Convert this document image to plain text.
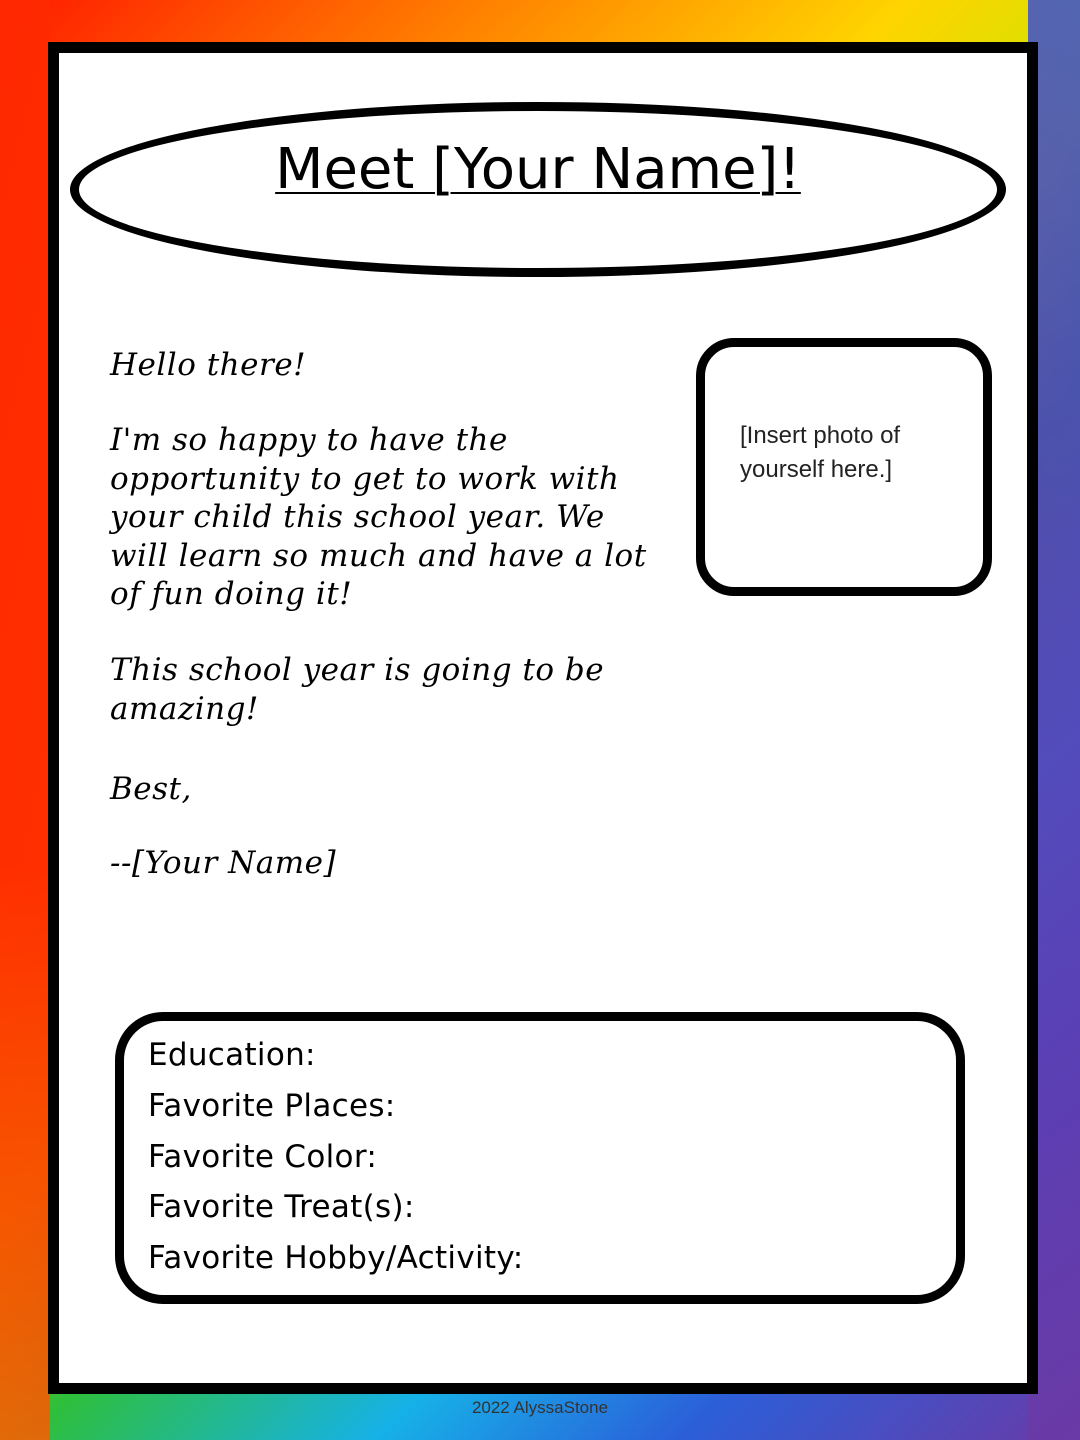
Meet [Your Name]!

Hello there!

I'm so happy to have the opportunity to get to work with your child this school year. We will learn so much and have a lot of fun doing it!

This school year is going to be amazing!

Best,

--[Your Name]

[Insert photo of yourself here.]

Education:
Favorite Places:
Favorite Color:
Favorite Treat(s):
Favorite Hobby/Activity:
2022 AlyssaStone
